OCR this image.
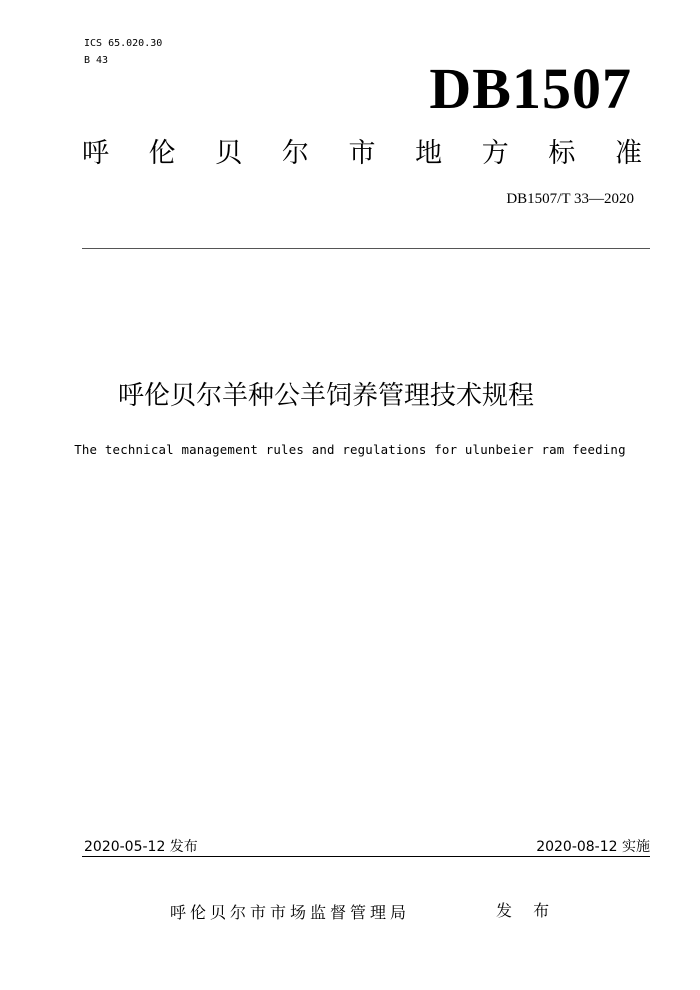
ICS 65.020.30
B 43	DB1507
呼 伦 贝 尔 市 地 方 标 准
DB1507/T 33—2020
呼伦贝尔羊种公羊饲养管理技术规程
The technical management rules and regulations for ulunbeier ram feeding
2020-05-12 发布	2020-08-12 实施
呼伦贝尔市市场监督管理局	发 布
